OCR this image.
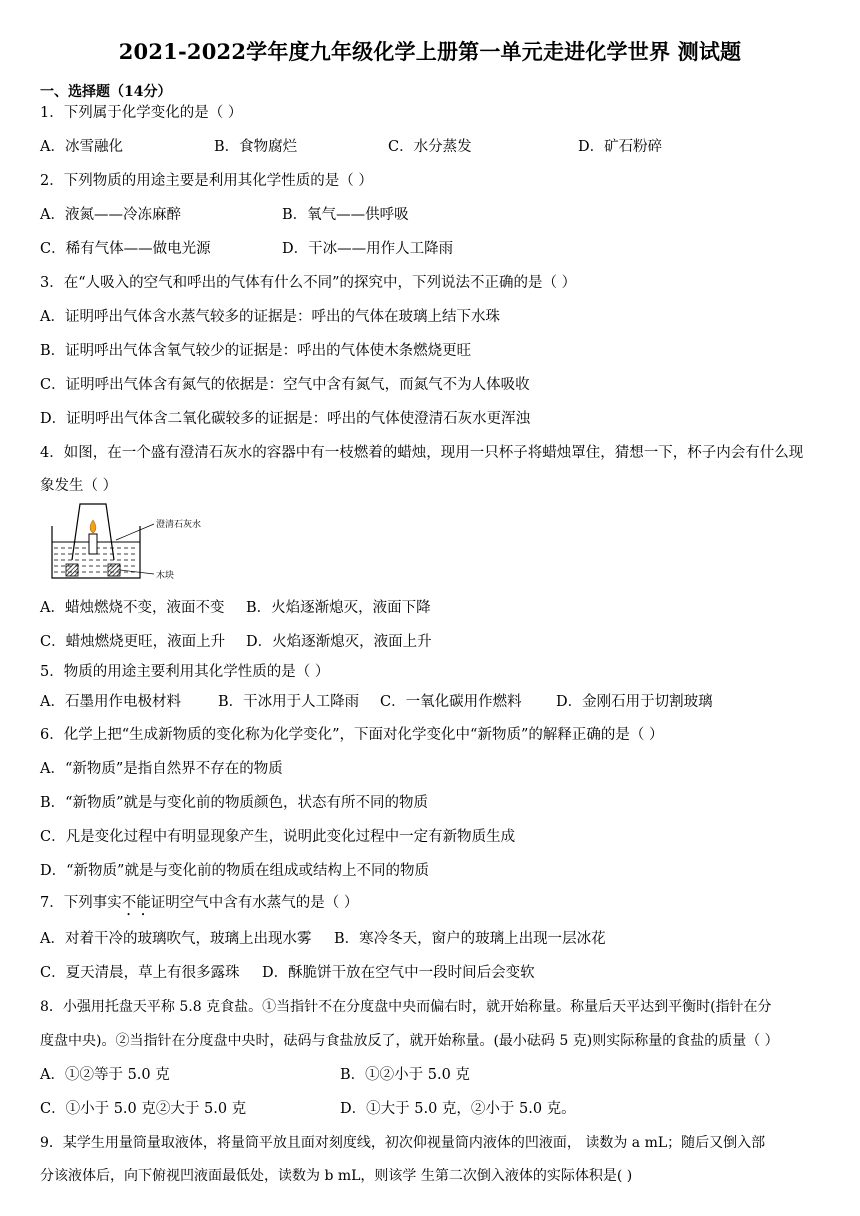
2021-2022学年度九年级化学上册第一单元走进化学世界 测试题
一、选择题（14分）
1．下列属于化学变化的是（ ）
A．冰雪融化	B．食物腐烂	C．水分蒸发	D．矿石粉碎
2．下列物质的用途主要是利用其化学性质的是（ ）
A．液氮——冷冻麻醉	B．氧气——供呼吸
C．稀有气体——做电光源	D．干冰——用作人工降雨
3．在“人吸入的空气和呼出的气体有什么不同”的探究中，下列说法不正确的是（ ）
A．证明呼出气体含水蒸气较多的证据是：呼出的气体在玻璃上结下水珠
B．证明呼出气体含氧气较少的证据是：呼出的气体使木条燃烧更旺
C．证明呼出气体含有氮气的依据是：空气中含有氮气，而氮气不为人体吸收
D．证明呼出气体含二氧化碳较多的证据是：呼出的气体使澄清石灰水更浑浊
4．如图，在一个盛有澄清石灰水的容器中有一枝燃着的蜡烛，现用一只杯子将蜡烛罩住，猜想一下，杯子内会有什么现
象发生（ ）
澄清石灰水
木块
A．蜡烛燃烧不变，液面不变 B．火焰逐渐熄灭，液面下降
C．蜡烛燃烧更旺，液面上升 D．火焰逐渐熄灭，液面上升
5．物质的用途主要利用其化学性质的是（ ）
A．石墨用作电极材料	B．干冰用于人工降雨 C．一氧化碳用作燃料 D．金刚石用于切割玻璃
6．化学上把“生成新物质的变化称为化学变化”，下面对化学变化中“新物质”的解释正确的是（ ）
A．“新物质”是指自然界不存在的物质
B．“新物质”就是与变化前的物质颜色，状态有所不同的物质
C．凡是变化过程中有明显现象产生，说明此变化过程中一定有新物质生成
D．“新物质”就是与变化前的物质在组成或结构上不同的物质
7．下列事实不能证明空气中含有水蒸气的是（ ）
A．对着干冷的玻璃吹气，玻璃上出现水雾 B．寒冷冬天，窗户的玻璃上出现一层冰花
C．夏天清晨，草上有很多露珠 D．酥脆饼干放在空气中一段时间后会变软
8．小强用托盘天平称 5.8 克食盐。①当指针不在分度盘中央而偏右时，就开始称量。称量后天平达到平衡时(指针在分
度盘中央)。②当指针在分度盘中央时，砝码与食盐放反了，就开始称量。(最小砝码 5 克)则实际称量的食盐的质量（ ）
A．①②等于 5.0 克	B．①②小于 5.0 克
C．①小于 5.0 克②大于 5.0 克	D．①大于 5.0 克，②小于 5.0 克。
9．某学生用量筒量取液体，将量筒平放且面对刻度线，初次仰视量筒内液体的凹液面， 读数为 a mL；随后又倒入部
分该液体后，向下俯视凹液面最低处，读数为 b mL，则该学 生第二次倒入液体的实际体积是( )
